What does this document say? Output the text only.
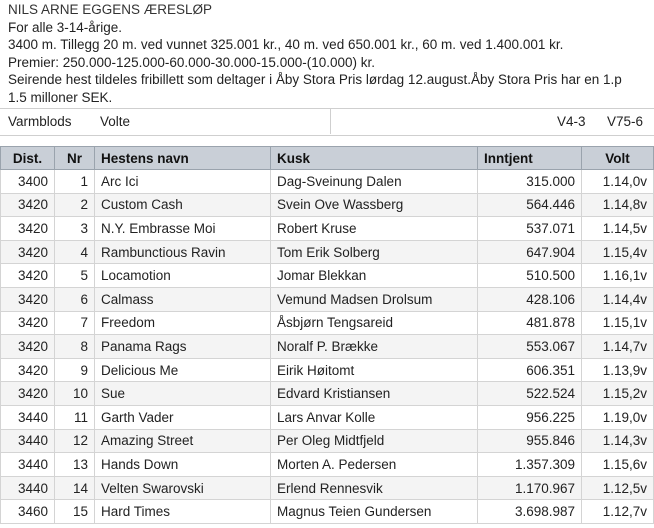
NILS ARNE EGGENS ÆRESLØP
For alle 3-14-årige.
3400 m. Tillegg 20 m. ved vunnet 325.001 kr., 40 m. ved 650.001 kr., 60 m. ved 1.400.001 kr.
Premier: 250.000-125.000-60.000-30.000-15.000-(10.000) kr.
Seirende hest tildeles fribillett som deltager i Åby Stora Pris lørdag 12.august.Åby Stora Pris har en 1.p
1.5 milloner SEK.
Varmblods Volte	V4-3 V75-6
Dist.	Nr	Hestens navn	Kusk	Inntjent	Volt
3400	1	Arc Ici	Dag-Sveinung Dalen	315.000	1.14,0v
3420	2	Custom Cash	Svein Ove Wassberg	564.446	1.14,8v
3420	3	N.Y. Embrasse Moi	Robert Kruse	537.071	1.14,5v
3420	4	Rambunctious Ravin	Tom Erik Solberg	647.904	1.15,4v
3420	5	Locamotion	Jomar Blekkan	510.500	1.16,1v
3420	6	Calmass	Vemund Madsen Drolsum	428.106	1.14,4v
3420	7	Freedom	Åsbjørn Tengsareid	481.878	1.15,1v
3420	8	Panama Rags	Noralf P. Brække	553.067	1.14,7v
3420	9	Delicious Me	Eirik Høitomt	606.351	1.13,9v
3420	10	Sue	Edvard Kristiansen	522.524	1.15,2v
3440	11	Garth Vader	Lars Anvar Kolle	956.225	1.19,0v
3440	12	Amazing Street	Per Oleg Midtfjeld	955.846	1.14,3v
3440	13	Hands Down	Morten A. Pedersen	1.357.309	1.15,6v
3440	14	Velten Swarovski	Erlend Rennesvik	1.170.967	1.12,5v
3460	15	Hard Times	Magnus Teien Gundersen	3.698.987	1.12,7v
